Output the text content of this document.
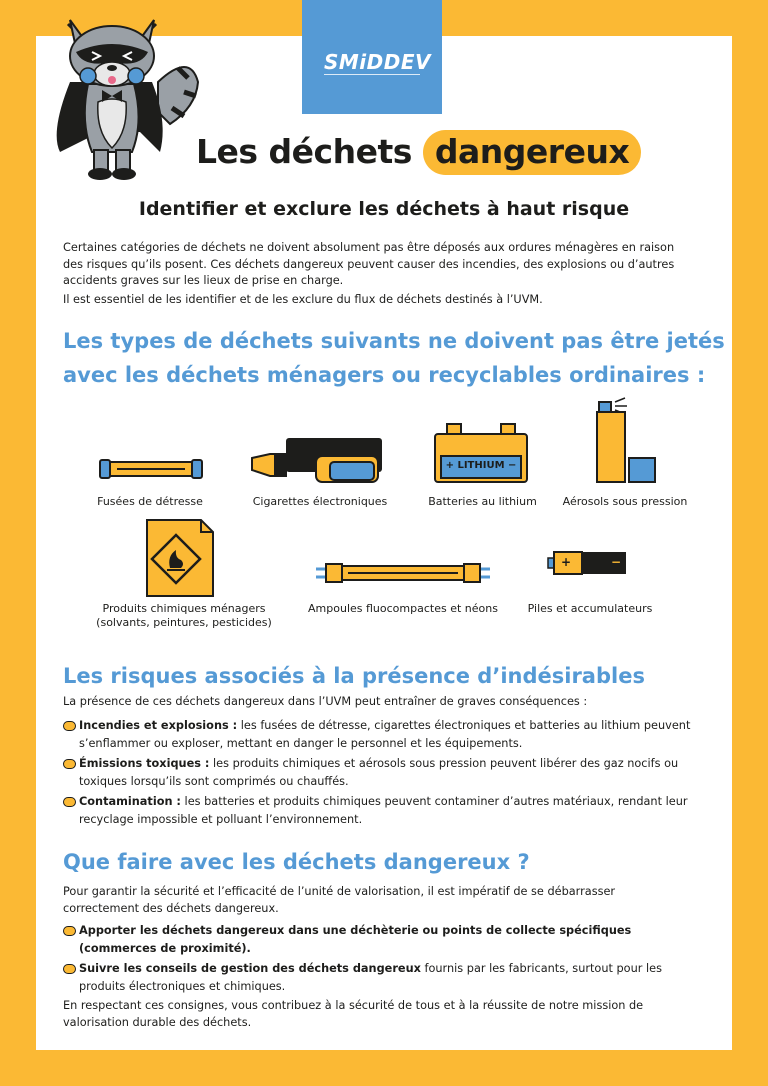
SMiDDEV
Les déchets dangereux
Identifier et exclure les déchets à haut risque
Certaines catégories de déchets ne doivent absolument pas être déposés aux ordures ménagères en raison des risques qu’ils posent. Ces déchets dangereux peuvent causer des incendies, des explosions ou d’autres accidents graves sur les lieux de prise en charge.
Il est essentiel de les identifier et de les exclure du flux de déchets destinés à l’UVM.
Les types de déchets suivants ne doivent pas être jetés
avec les déchets ménagers ou recyclables ordinaires :
Fusées de détresse	Cigarettes électroniques
+ LITHIUM −
Batteries au lithium	Aérosols sous pression
Produits chimiques ménagers
(solvants, peintures, pesticides)
Ampoules fluocompactes et néons
+	−
Piles et accumulateurs
Les risques associés à la présence d’indésirables
La présence de ces déchets dangereux dans l’UVM peut entraîner de graves conséquences :
Incendies et explosions : les fusées de détresse, cigarettes électroniques et batteries au lithium peuvent s’enflammer ou exploser, mettant en danger le personnel et les équipements.
Émissions toxiques : les produits chimiques et aérosols sous pression peuvent libérer des gaz nocifs ou toxiques lorsqu’ils sont comprimés ou chauffés.
Contamination : les batteries et produits chimiques peuvent contaminer d’autres matériaux, rendant leur recyclage impossible et polluant l’environnement.
Que faire avec les déchets dangereux ?
Pour garantir la sécurité et l’efficacité de l’unité de valorisation, il est impératif de se débarrasser correctement des déchets dangereux.
Apporter les déchets dangereux dans une déchèterie ou points de collecte spécifiques (commerces de proximité).
Suivre les conseils de gestion des déchets dangereux fournis par les fabricants, surtout pour les produits électroniques et chimiques.
En respectant ces consignes, vous contribuez à la sécurité de tous et à la réussite de notre mission de valorisation durable des déchets.
